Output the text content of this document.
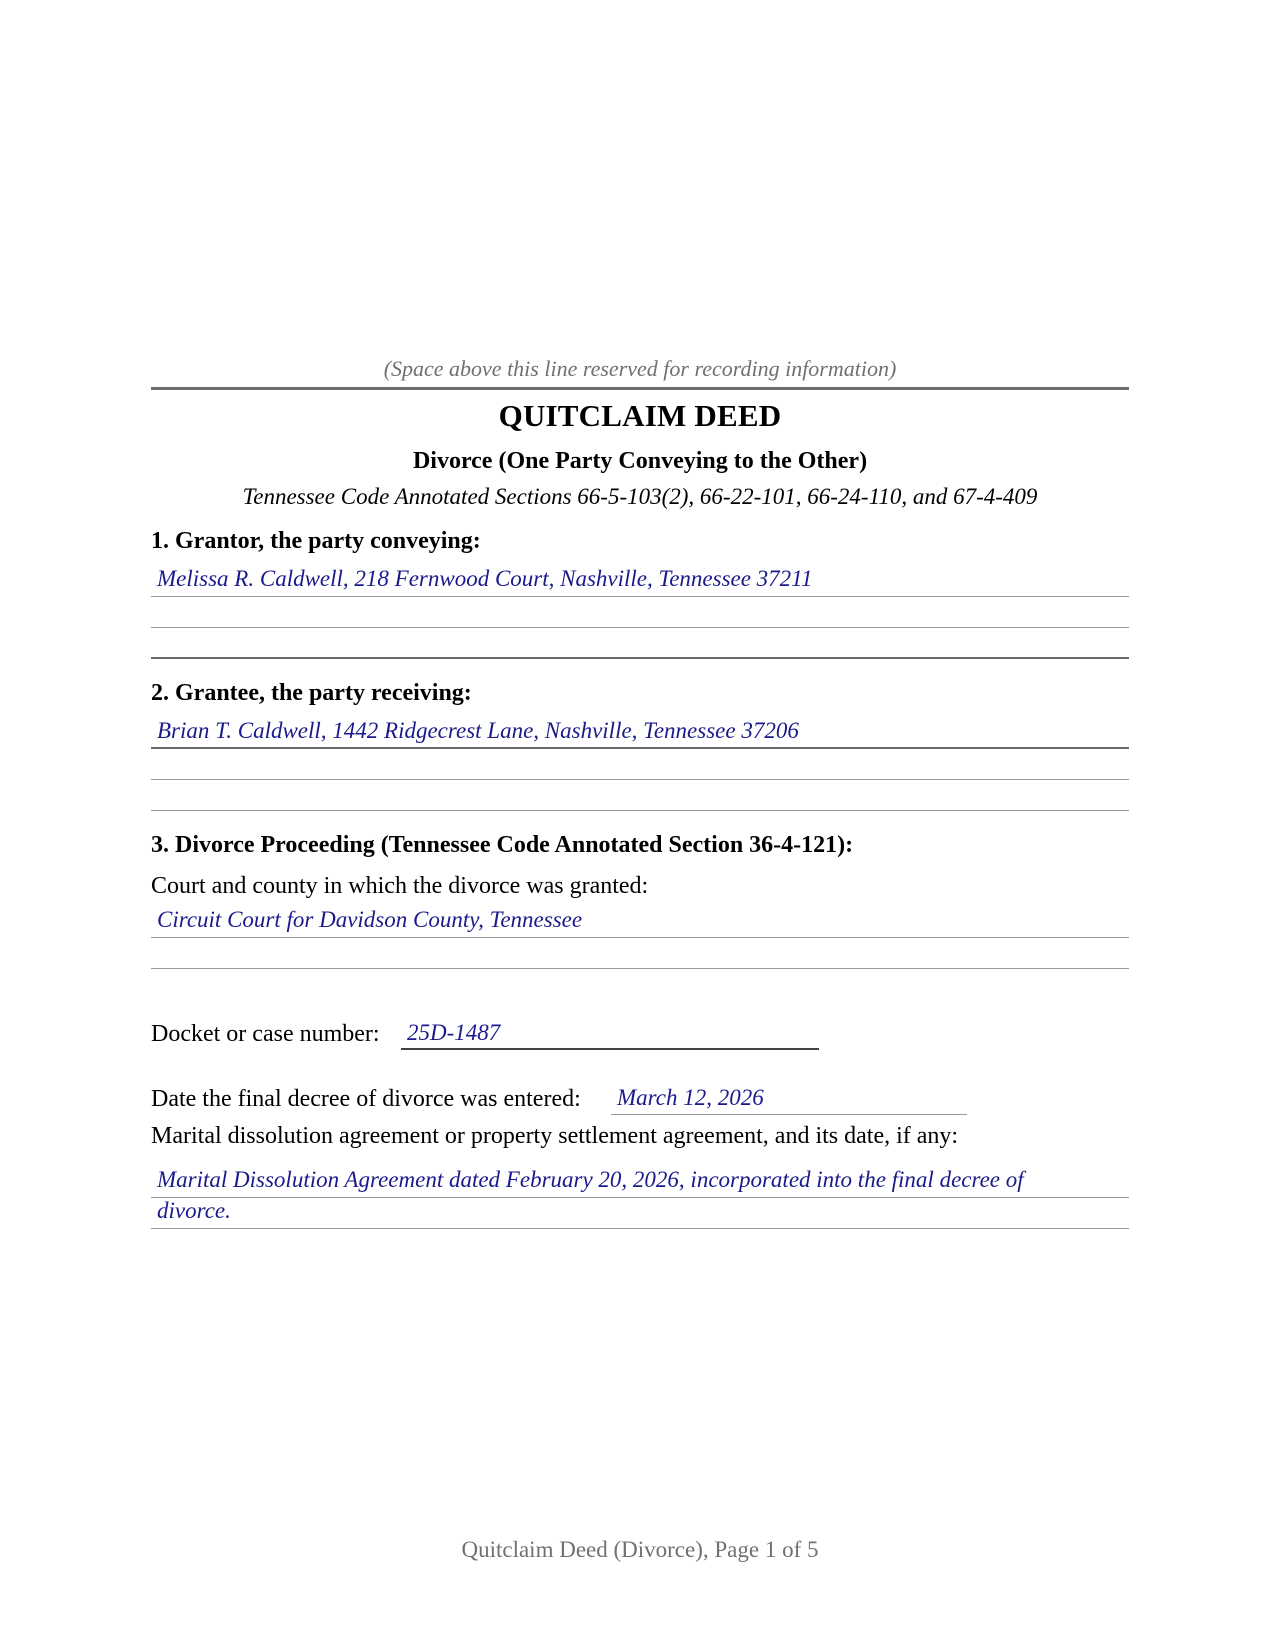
(Space above this line reserved for recording information)
QUITCLAIM DEED
Divorce (One Party Conveying to the Other)
Tennessee Code Annotated Sections 66-5-103(2), 66-22-101, 66-24-110, and 67-4-409
1. Grantor, the party conveying:
Melissa R. Caldwell, 218 Fernwood Court, Nashville, Tennessee 37211
2. Grantee, the party receiving:
Brian T. Caldwell, 1442 Ridgecrest Lane, Nashville, Tennessee 37206
3. Divorce Proceeding (Tennessee Code Annotated Section 36-4-121):
Court and county in which the divorce was granted:
Circuit Court for Davidson County, Tennessee
Docket or case number: 25D-1487
Date the final decree of divorce was entered: March 12, 2026
Marital dissolution agreement or property settlement agreement, and its date, if any:
Marital Dissolution Agreement dated February 20, 2026, incorporated into the final decree of
divorce.
Quitclaim Deed (Divorce), Page 1 of 5
